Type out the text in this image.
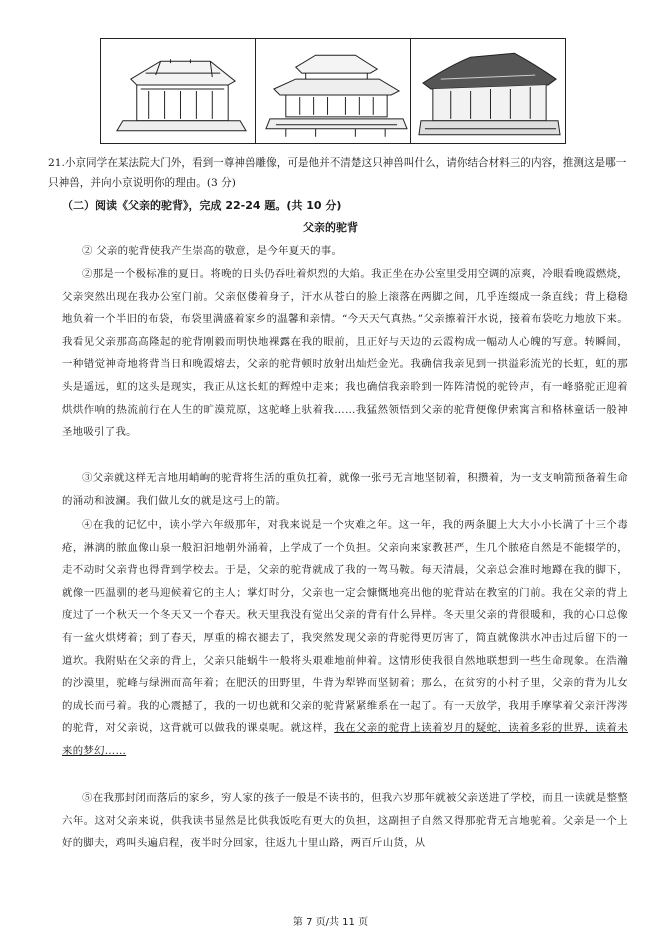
21.小京同学在某法院大门外，看到一尊神兽雕像，可是他并不清楚这只神兽叫什么，请你结合材料三的内容，推测这是哪一只神兽，并向小京说明你的理由。(3 分)
（二）阅读《父亲的驼背》，完成 22-24 题。(共 10 分)
父亲的驼背
② 父亲的驼背使我产生崇高的敬意，是今年夏天的事。
②那是一个极标准的夏日。将晚的日头仍吞吐着炽烈的大焰。我正坐在办公室里受用空调的凉爽，冷眼看晚霞燃烧，父亲突然出现在我办公室门前。父亲伛偻着身子，汗水从苍白的脸上滚落在两脚之间，几乎连缀成一条直线；背上稳稳地负着一个半旧的布袋，布袋里满盛着家乡的温馨和亲情。“今天天气真热。”父亲擦着汗水说，接着布袋吃力地放下来。我看见父亲那高高隆起的驼背刚毅而明快地裸露在我的眼前，且正好与天边的云霞构成一幅动人心魄的写意。转瞬间，一种错觉神奇地将背当日和晚霞熔去，父亲的驼背顿时放射出灿烂金光。我确信我亲见到一拱溢彩流光的长虹，虹的那头是遥远，虹的这头是现实，我正从这长虹的辉煌中走来；我也确信我亲聆到一阵阵清悦的驼铃声，有一峰骆驼正迎着烘烘作响的热流前行在人生的旷漠荒原，这驼峰上驮着我……我猛然领悟到父亲的驼背便像伊索寓言和格林童话一般神圣地吸引了我。
③父亲就这样无言地用峭峋的驼背将生活的重负扛着，就像一张弓无言地坚韧着，积攒着，为一支支响箭预备着生命的涌动和波澜。我们做儿女的就是这弓上的箭。
④在我的记忆中，读小学六年级那年，对我来说是一个灾难之年。这一年，我的两条腿上大大小小长满了十三个毒疮，淋漓的脓血像山泉一般汩汩地朝外涌着，上学成了一个负担。父亲向来家教甚严，生几个脓疮自然是不能辍学的，走不动时父亲背也得背到学校去。于是，父亲的驼背就成了我的一驾马鞍。每天清晨，父亲总会准时地蹲在我的脚下，就像一匹温驯的老马迎候着它的主人；掌灯时分，父亲也一定会慷慨地亮出他的驼背站在教室的门前。我在父亲的背上度过了一个秋天一个冬天又一个春天。秋天里我没有觉出父亲的背有什么异样。冬天里父亲的背很暖和，我的心口总像有一盆火烘烤着；到了春天，厚重的棉衣褪去了，我突然发现父亲的背驼得更厉害了，简直就像洪水冲击过后留下的一道坎。我附贴在父亲的背上，父亲只能蜗牛一般将头艰难地前伸着。这情形使我很自然地联想到一些生命现象。在浩瀚的沙漠里，驼峰与绿洲而高年着；在肥沃的田野里，牛背为犁铧而坚韧着；那么，在贫穷的小村子里，父亲的背为儿女的成长而弓着。我的心震撼了，我的一切也就和父亲的驼背紧紧维系在一起了。有一天放学，我用手摩挲着父亲汗涔涔的驼背，对父亲说，这背就可以做我的课桌呢。就这样，我在父亲的驼背上读着岁月的疑蛇，读着多彩的世界，读着未来的梦幻……
⑤在我那封闭而落后的家乡，穷人家的孩子一般是不读书的，但我六岁那年就被父亲送进了学校，而且一读就是整整六年。这对父亲来说，供我读书显然是比供我饭吃有更大的负担，这副担子自然又得那驼背无言地驼着。父亲是一个上好的脚夫，鸡叫头遍启程，夜半时分回家，往返九十里山路，两百斤山货，从
第 7 页/共 11 页
